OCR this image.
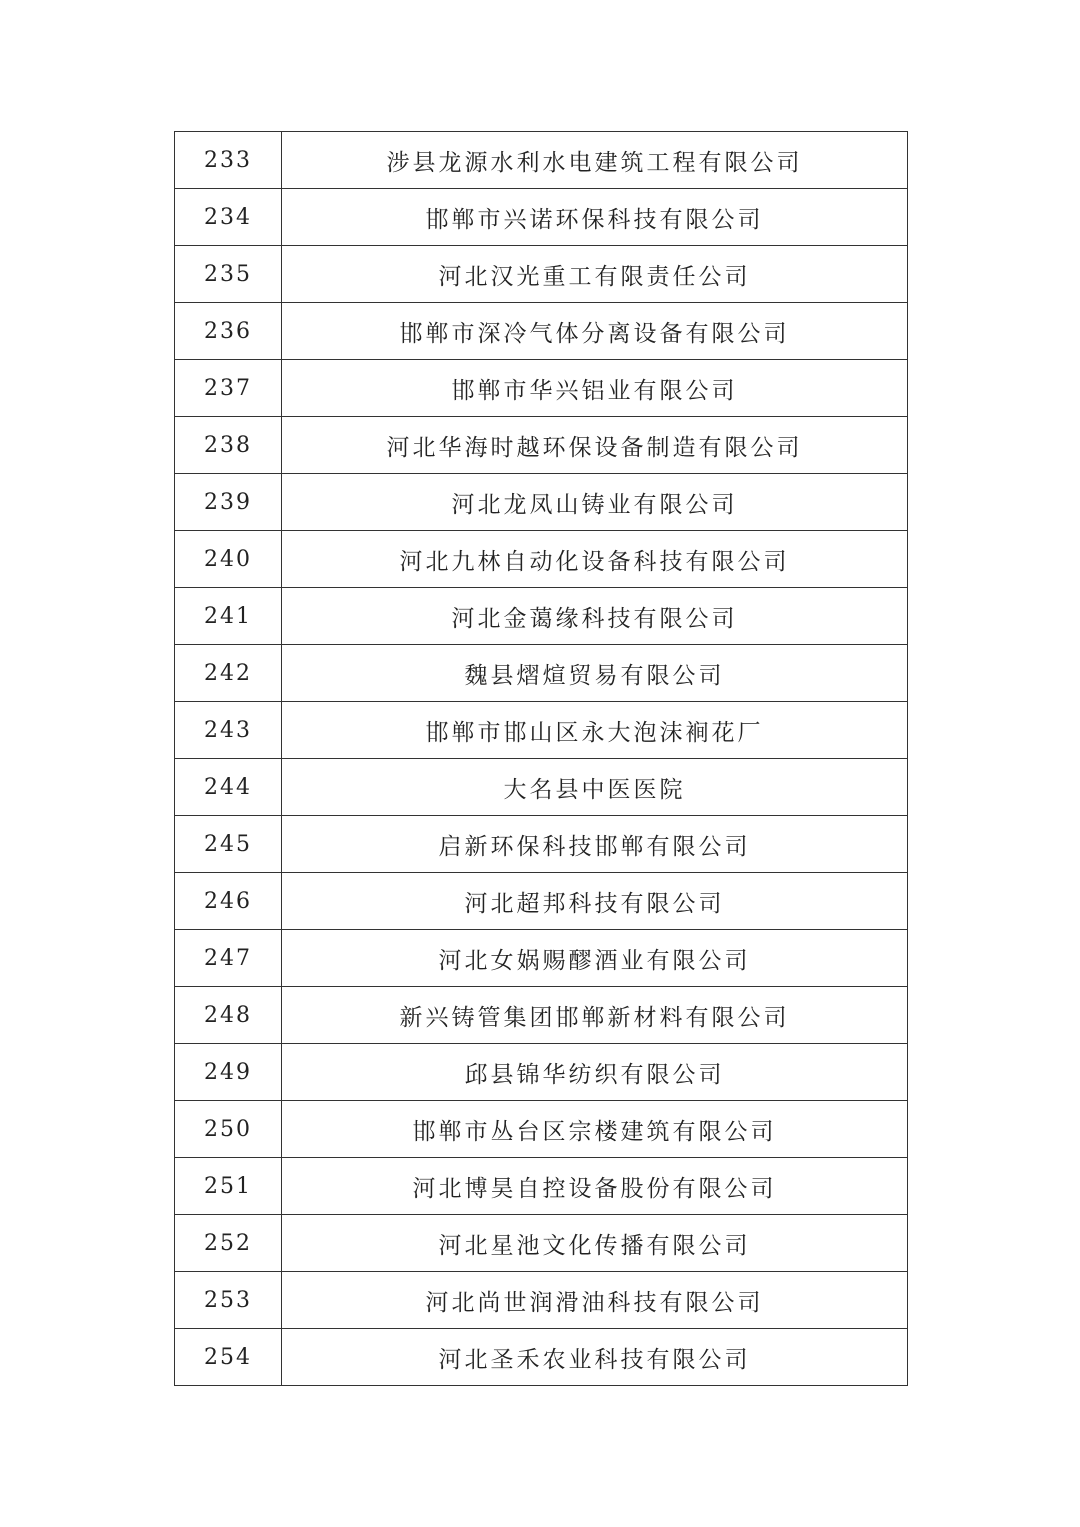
233	涉县龙源水利水电建筑工程有限公司
234	邯郸市兴诺环保科技有限公司
235	河北汉光重工有限责任公司
236	邯郸市深冷气体分离设备有限公司
237	邯郸市华兴铝业有限公司
238	河北华海时越环保设备制造有限公司
239	河北龙凤山铸业有限公司
240	河北九林自动化设备科技有限公司
241	河北金蔼缘科技有限公司
242	魏县熠煊贸易有限公司
243	邯郸市邯山区永大泡沫裥花厂
244	大名县中医医院
245	启新环保科技邯郸有限公司
246	河北超邦科技有限公司
247	河北女娲赐醪酒业有限公司
248	新兴铸管集团邯郸新材料有限公司
249	邱县锦华纺织有限公司
250	邯郸市丛台区宗楼建筑有限公司
251	河北博昊自控设备股份有限公司
252	河北星池文化传播有限公司
253	河北尚世润滑油科技有限公司
254	河北圣禾农业科技有限公司
